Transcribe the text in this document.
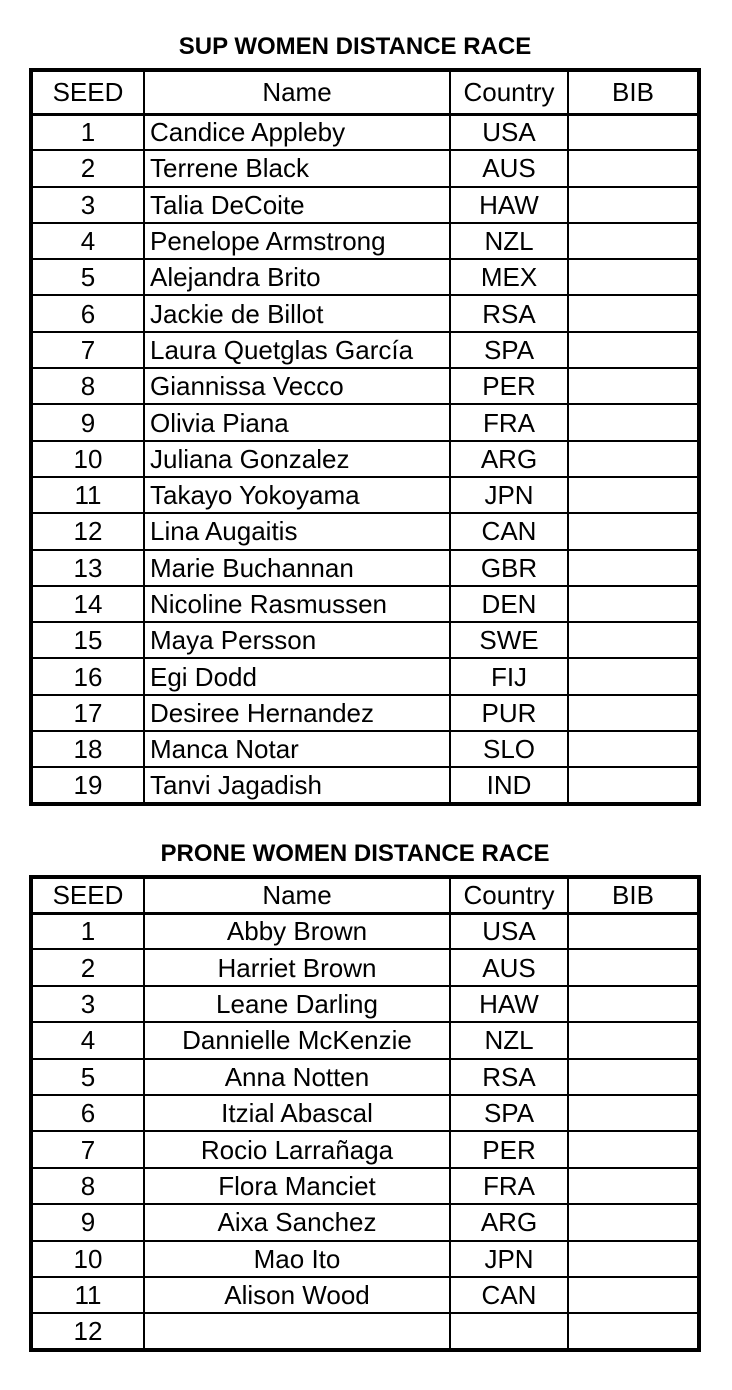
SUP WOMEN DISTANCE RACE
SEED	Name	Country	BIB
1	Candice Appleby	USA	
2	Terrene Black	AUS	
3	Talia DeCoite	HAW	
4	Penelope Armstrong	NZL	
5	Alejandra Brito	MEX	
6	Jackie de Billot	RSA	
7	Laura Quetglas García	SPA	
8	Giannissa Vecco	PER	
9	Olivia Piana	FRA	
10	Juliana Gonzalez	ARG	
11	Takayo Yokoyama	JPN	
12	Lina Augaitis	CAN	
13	Marie Buchannan	GBR	
14	Nicoline Rasmussen	DEN	
15	Maya Persson	SWE	
16	Egi Dodd	FIJ	
17	Desiree Hernandez	PUR	
18	Manca Notar	SLO	
19	Tanvi Jagadish	IND	
PRONE WOMEN DISTANCE RACE
SEED	Name	Country	BIB
1	Abby Brown	USA	
2	Harriet Brown	AUS	
3	Leane Darling	HAW	
4	Dannielle McKenzie	NZL	
5	Anna Notten	RSA	
6	Itzial Abascal	SPA	
7	Rocio Larrañaga	PER	
8	Flora Manciet	FRA	
9	Aixa Sanchez	ARG	
10	Mao Ito	JPN	
11	Alison Wood	CAN	
12			
